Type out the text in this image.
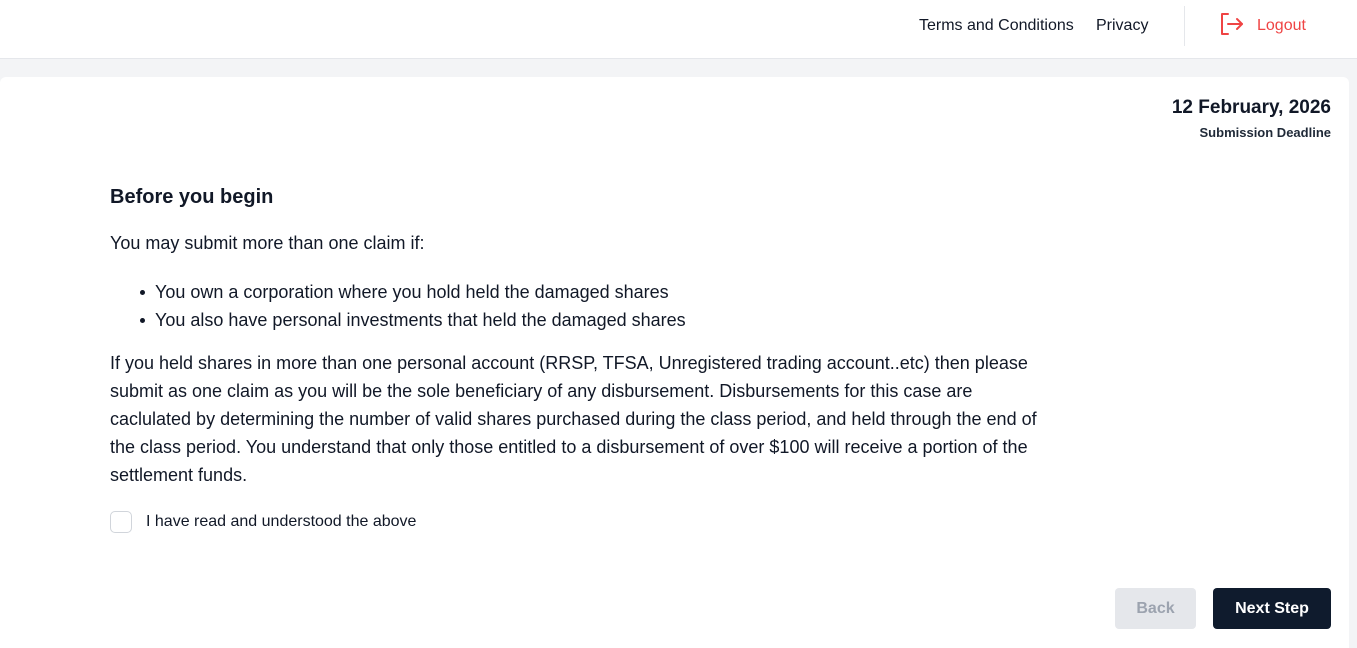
Terms and Conditions Privacy	Logout
12 February, 2026
Submission Deadline
Before you begin

You may submit more than one claim if:

You own a corporation where you hold held the damaged shares
You also have personal investments that held the damaged shares

If you held shares in more than one personal account (RRSP, TFSA, Unregistered trading account..etc) then please submit as one claim as you will be the sole beneficiary of any disbursement. Disbursements for this case are caclulated by determining the number of valid shares purchased during the class period, and held through the end of the class period. You understand that only those entitled to a disbursement of over $100 will receive a portion of the settlement funds.

I have read and understood the above
Back	Next Step
